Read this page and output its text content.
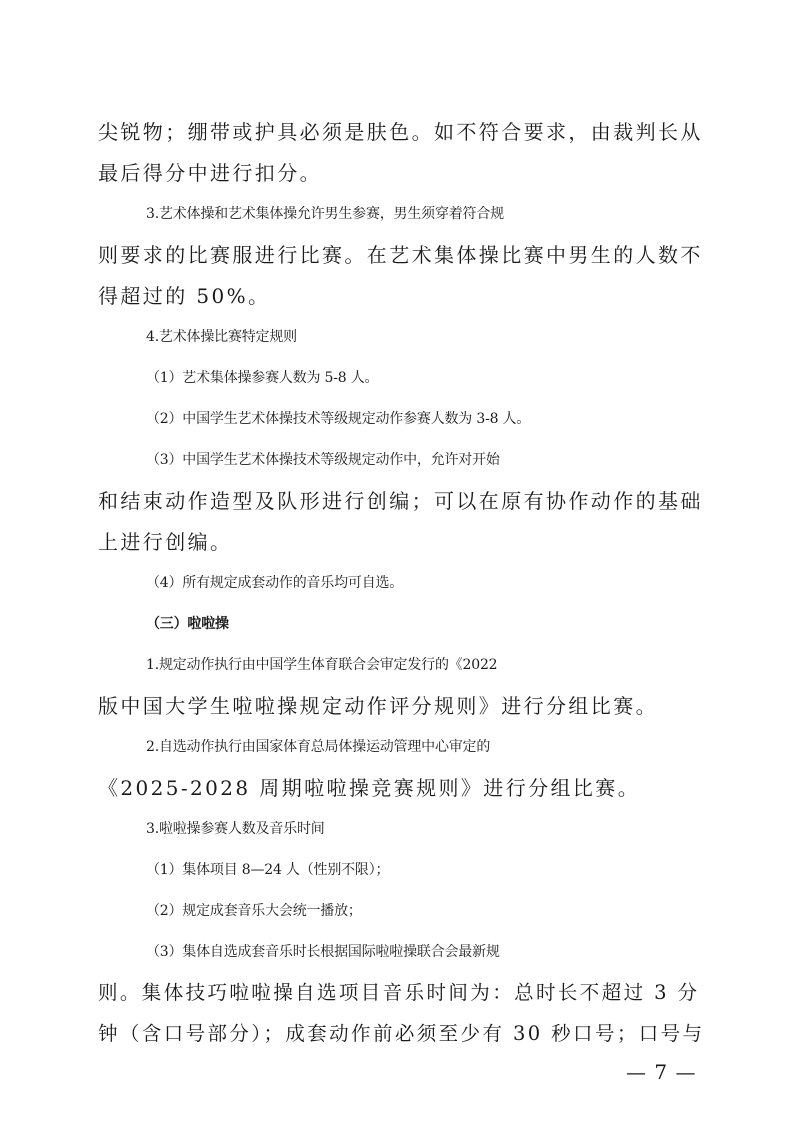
尖锐物；绷带或护具必须是肤色。如不符合要求，由裁判长从
最后得分中进行扣分。
3.艺术体操和艺术集体操允许男生参赛，男生须穿着符合规
则要求的比赛服进行比赛。在艺术集体操比赛中男生的人数不
得超过的 50%。
4.艺术体操比赛特定规则
（1）艺术集体操参赛人数为 5-8 人。
（2）中国学生艺术体操技术等级规定动作参赛人数为 3-8 人。
（3）中国学生艺术体操技术等级规定动作中，允许对开始
和结束动作造型及队形进行创编；可以在原有协作动作的基础
上进行创编。
（4）所有规定成套动作的音乐均可自选。
（三）啦啦操
1.规定动作执行由中国学生体育联合会审定发行的《2022
版中国大学生啦啦操规定动作评分规则》进行分组比赛。
2.自选动作执行由国家体育总局体操运动管理中心审定的
《2025-2028 周期啦啦操竞赛规则》进行分组比赛。
3.啦啦操参赛人数及音乐时间
（1）集体项目 8—24 人（性别不限）；
（2）规定成套音乐大会统一播放；
（3）集体自选成套音乐时长根据国际啦啦操联合会最新规
则。集体技巧啦啦操自选项目音乐时间为：总时长不超过 3 分
钟（含口号部分）；成套动作前必须至少有 30 秒口号；口号与
— 7 —
